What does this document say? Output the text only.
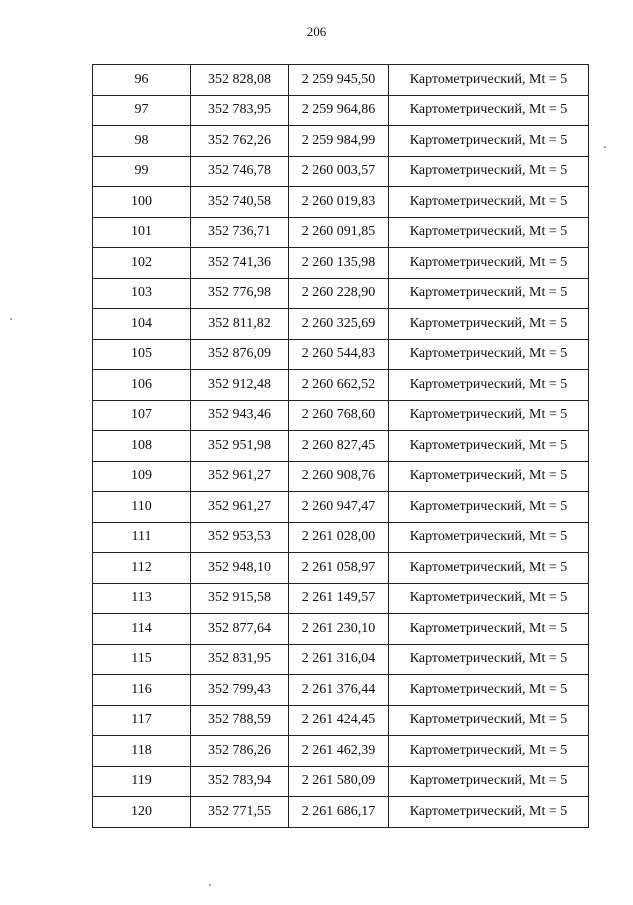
206
96	352 828,08	2 259 945,50	Картометрический, Mt = 5
97	352 783,95	2 259 964,86	Картометрический, Mt = 5
98	352 762,26	2 259 984,99	Картометрический, Mt = 5
99	352 746,78	2 260 003,57	Картометрический, Mt = 5
100	352 740,58	2 260 019,83	Картометрический, Mt = 5
101	352 736,71	2 260 091,85	Картометрический, Mt = 5
102	352 741,36	2 260 135,98	Картометрический, Mt = 5
103	352 776,98	2 260 228,90	Картометрический, Mt = 5
104	352 811,82	2 260 325,69	Картометрический, Mt = 5
105	352 876,09	2 260 544,83	Картометрический, Mt = 5
106	352 912,48	2 260 662,52	Картометрический, Mt = 5
107	352 943,46	2 260 768,60	Картометрический, Mt = 5
108	352 951,98	2 260 827,45	Картометрический, Mt = 5
109	352 961,27	2 260 908,76	Картометрический, Mt = 5
110	352 961,27	2 260 947,47	Картометрический, Mt = 5
111	352 953,53	2 261 028,00	Картометрический, Mt = 5
112	352 948,10	2 261 058,97	Картометрический, Mt = 5
113	352 915,58	2 261 149,57	Картометрический, Mt = 5
114	352 877,64	2 261 230,10	Картометрический, Mt = 5
115	352 831,95	2 261 316,04	Картометрический, Mt = 5
116	352 799,43	2 261 376,44	Картометрический, Mt = 5
117	352 788,59	2 261 424,45	Картометрический, Mt = 5
118	352 786,26	2 261 462,39	Картометрический, Mt = 5
119	352 783,94	2 261 580,09	Картометрический, Mt = 5
120	352 771,55	2 261 686,17	Картометрический, Mt = 5
